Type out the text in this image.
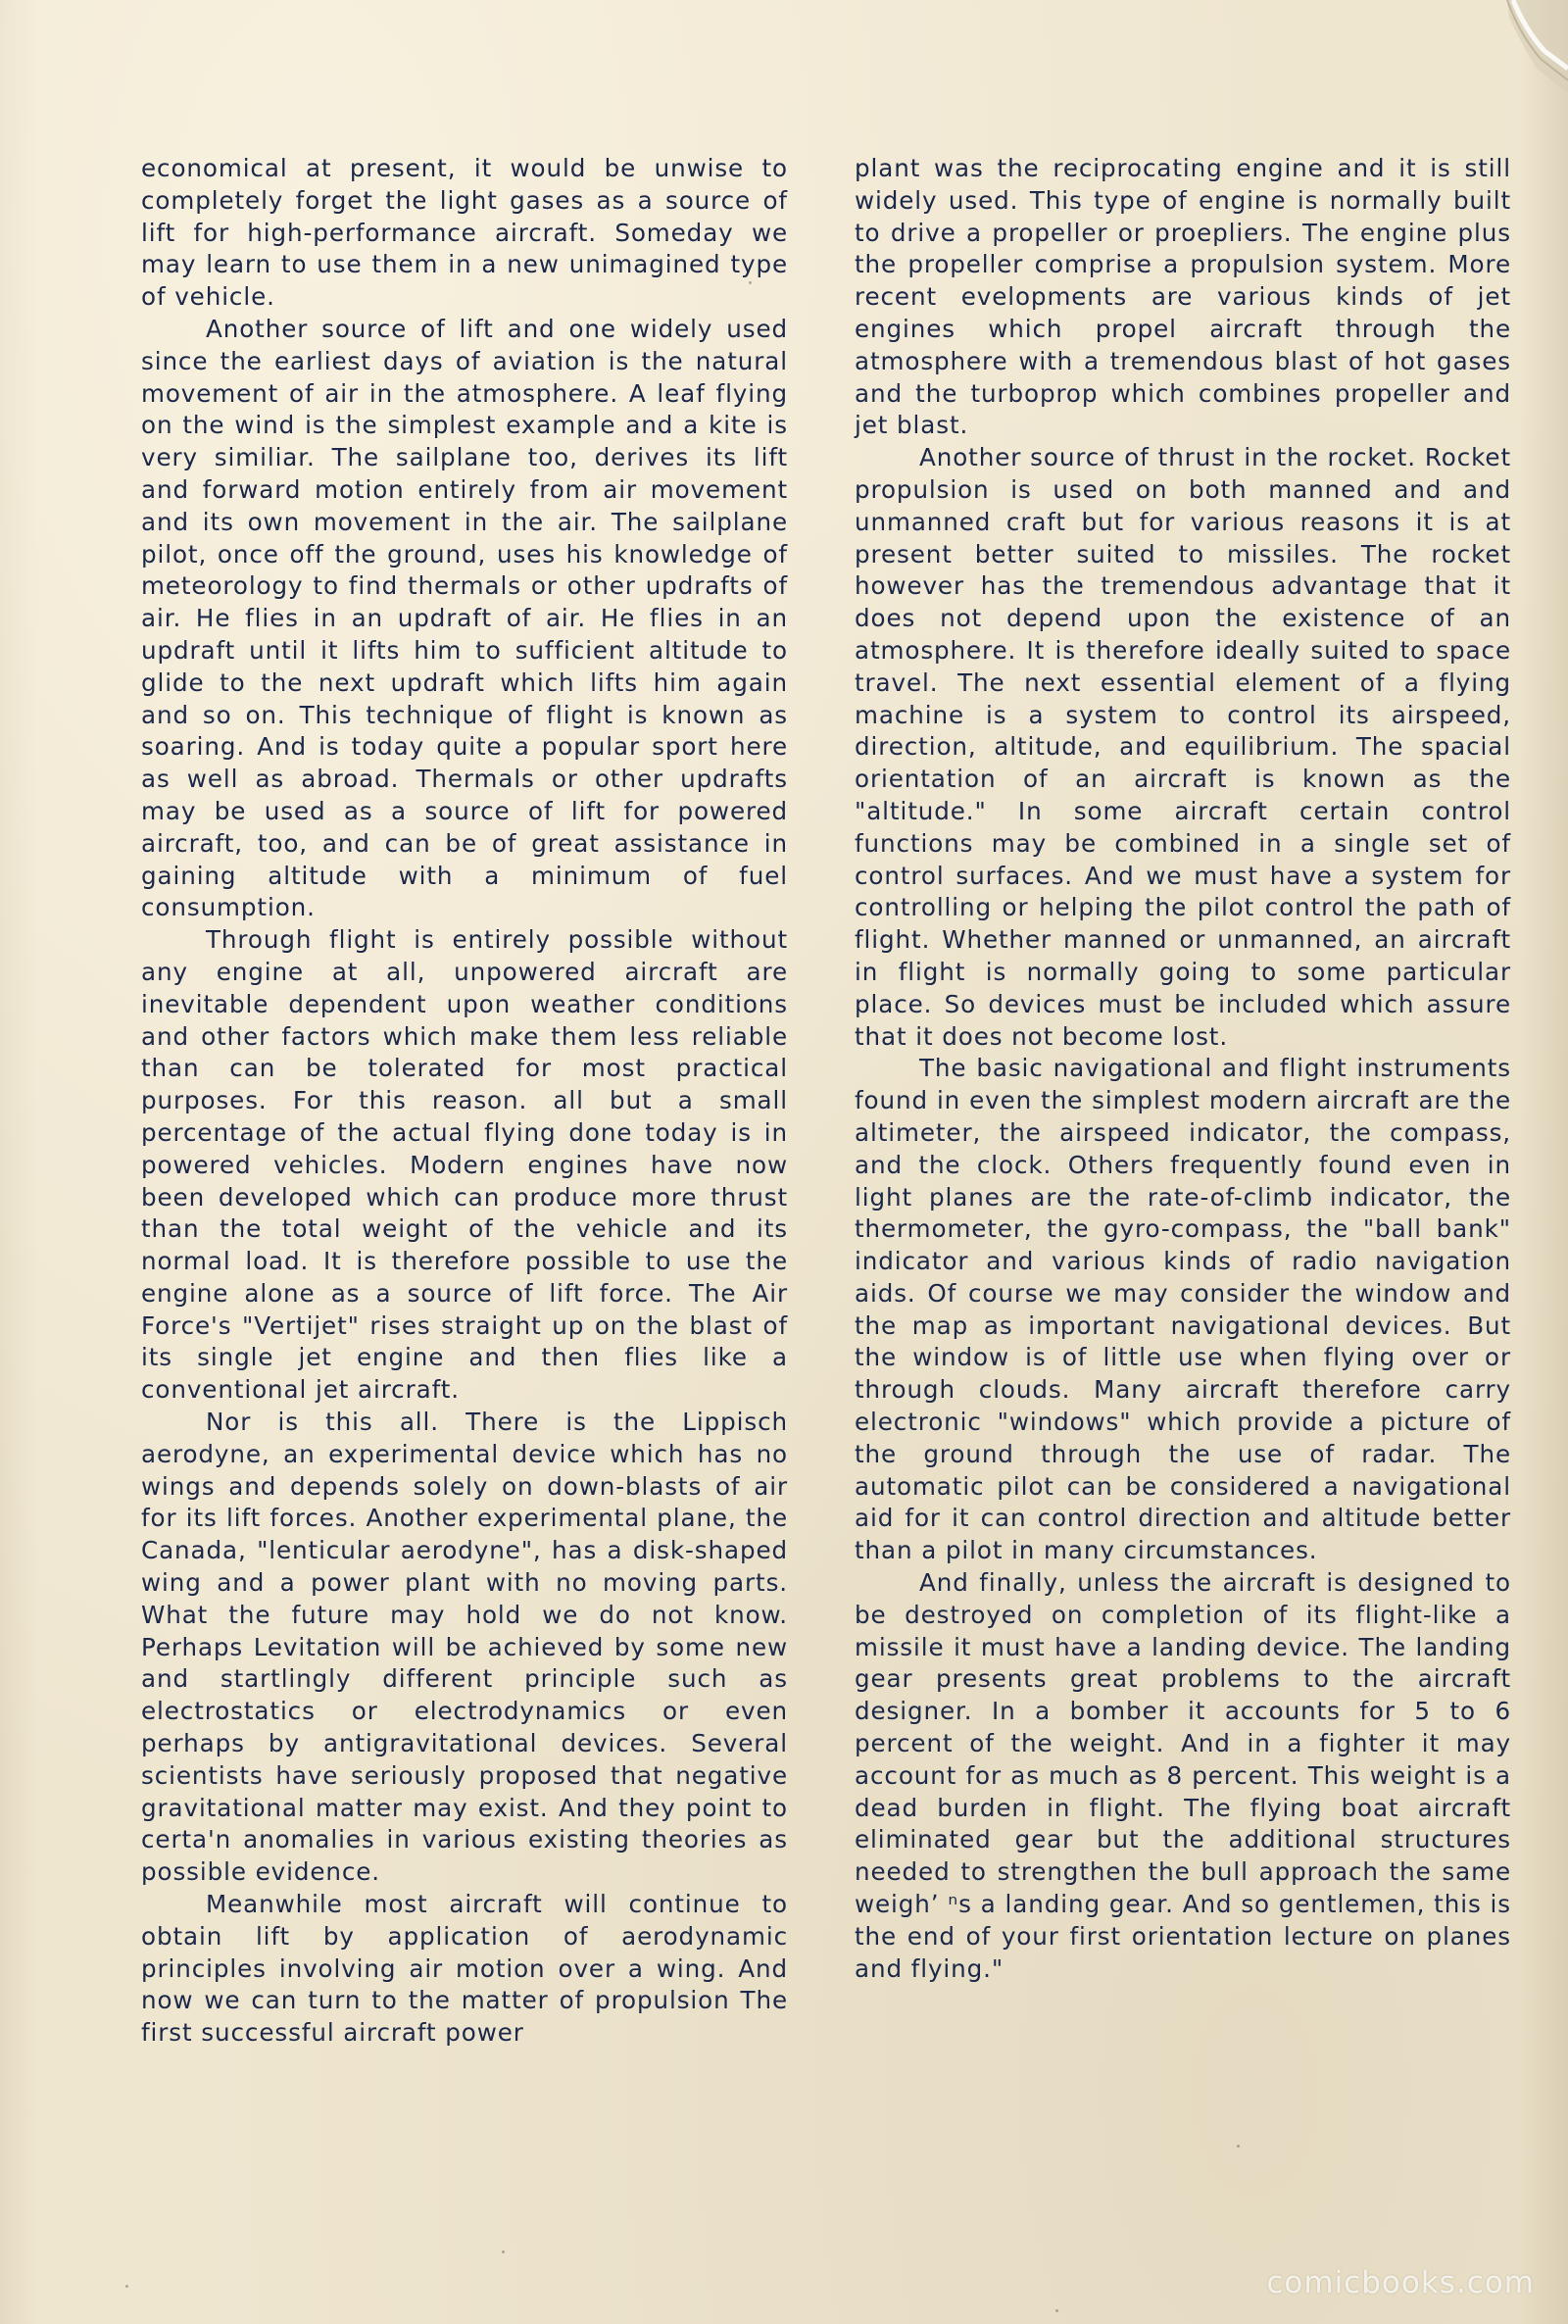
economical at present, it would be unwise to completely forget the light gases as a source of lift for high-performance aircraft. Someday we may learn to use them in a new unimagined type of vehicle.

Another source of lift and one widely used since the earliest days of aviation is the natural movement of air in the atmosphere. A leaf flying on the wind is the simplest example and a kite is very similiar. The sailplane too, derives its lift and forward motion entirely from air movement and its own movement in the air. The sailplane pilot, once off the ground, uses his knowledge of meteorology to find thermals or other updrafts of air. He flies in an updraft of air. He flies in an updraft until it lifts him to sufficient altitude to glide to the next updraft which lifts him again and so on. This technique of flight is known as soaring. And is today quite a popular sport here as well as abroad. Thermals or other updrafts may be used as a source of lift for powered aircraft, too, and can be of great assistance in gaining altitude with a minimum of fuel consumption.

Through flight is entirely possible without any engine at all, unpowered aircraft are inevitable dependent upon weather conditions and other factors which make them less reliable than can be tolerated for most practical purposes. For this reason. all but a small percentage of the actual flying done today is in powered vehicles. Modern engines have now been developed which can produce more thrust than the total weight of the vehicle and its normal load. It is therefore possible to use the engine alone as a source of lift force. The Air Force's "Vertijet" rises straight up on the blast of its single jet engine and then flies like a conventional jet aircraft.

Nor is this all. There is the Lippisch aerodyne, an experimental device which has no wings and depends solely on down-blasts of air for its lift forces. Another experimental plane, the Canada, "lenticular aerodyne", has a disk-shaped wing and a power plant with no moving parts. What the future may hold we do not know. Perhaps Levitation will be achieved by some new and startlingly different principle such as electrostatics or electrodynamics or even perhaps by antigravitational devices. Several scientists have seriously proposed that negative gravitational matter may exist. And they point to certa'n anomalies in various existing theories as possible evidence.

Meanwhile most aircraft will continue to obtain lift by application of aerodynamic principles involving air motion over a wing. And now we can turn to the matter of propulsion The first successful aircraft power

plant was the reciprocating engine and it is still widely used. This type of engine is normally built to drive a propeller or proepliers. The engine plus the propeller comprise a propulsion system. More recent evelopments are various kinds of jet engines which propel aircraft through the atmosphere with a tremendous blast of hot gases and the turboprop which combines propeller and jet blast.

Another source of thrust in the rocket. Rocket propulsion is used on both manned and and unmanned craft but for various reasons it is at present better suited to missiles. The rocket however has the tremendous advantage that it does not depend upon the existence of an atmosphere. It is therefore ideally suited to space travel. The next essential element of a flying machine is a system to control its airspeed, direction, altitude, and equilibrium. The spacial orientation of an aircraft is known as the "altitude." In some aircraft certain control functions may be combined in a single set of control surfaces. And we must have a system for controlling or helping the pilot control the path of flight. Whether manned or unmanned, an aircraft in flight is normally going to some particular place. So devices must be included which assure that it does not become lost.

The basic navigational and flight instruments found in even the simplest modern aircraft are the altimeter, the airspeed indicator, the compass, and the clock. Others frequently found even in light planes are the rate-of-climb indicator, the thermometer, the gyro-compass, the "ball bank" indicator and various kinds of radio navigation aids. Of course we may consider the window and the map as important navigational devices. But the window is of little use when flying over or through clouds. Many aircraft therefore carry electronic "windows" which provide a picture of the ground through the use of radar. The automatic pilot can be considered a navigational aid for it can control direction and altitude better than a pilot in many circumstances.

And finally, unless the aircraft is designed to be destroyed on completion of its flight-like a missile it must have a landing device. The landing gear presents great problems to the aircraft designer. In a bomber it accounts for 5 to 6 percent of the weight. And in a fighter it may account for as much as 8 percent. This weight is a dead burden in flight. The flying boat aircraft eliminated gear but the additional structures needed to strengthen the bull approach the same weighʼ ⁿs a landing gear. And so gentlemen, this is the end of your first orientation lecture on planes and flying."

comicbooks.com
